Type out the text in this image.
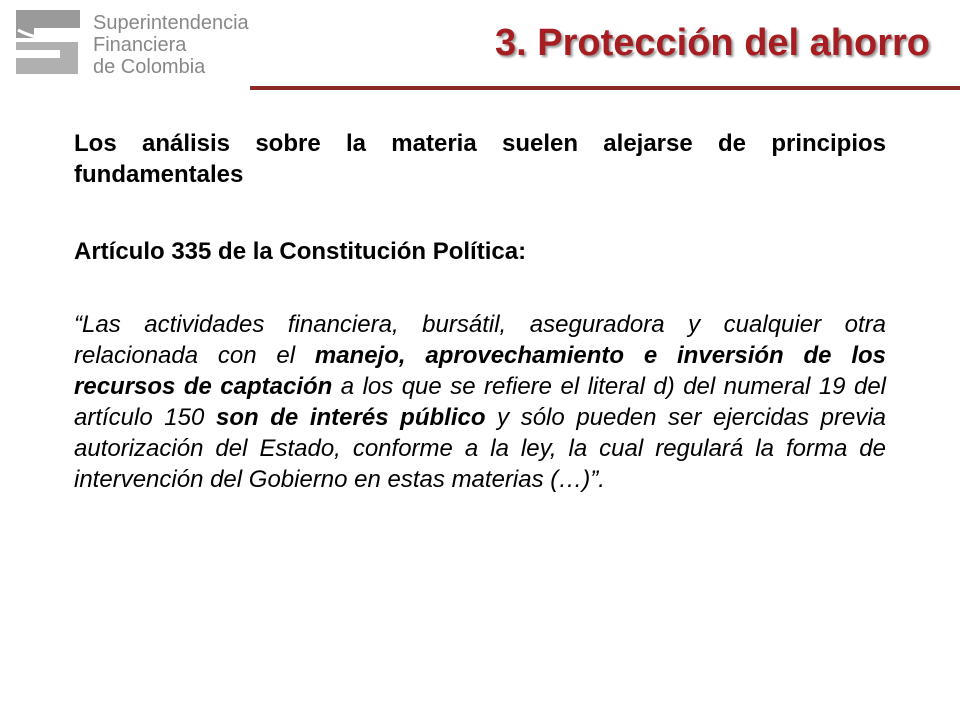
Superintendencia
Financiera
de Colombia
3. Protección del ahorro

Los análisis sobre la materia suelen alejarse de principios fundamentales

Artículo 335 de la Constitución Política:

“Las actividades financiera, bursátil, aseguradora y cualquier otra relacionada con el manejo, aprovechamiento e inversión de los recursos de captación a los que se refiere el literal d) del numeral 19 del artículo 150 son de interés público y sólo pueden ser ejercidas previa autorización del Estado, conforme a la ley, la cual regulará la forma de intervención del Gobierno en estas materias (…)”.
